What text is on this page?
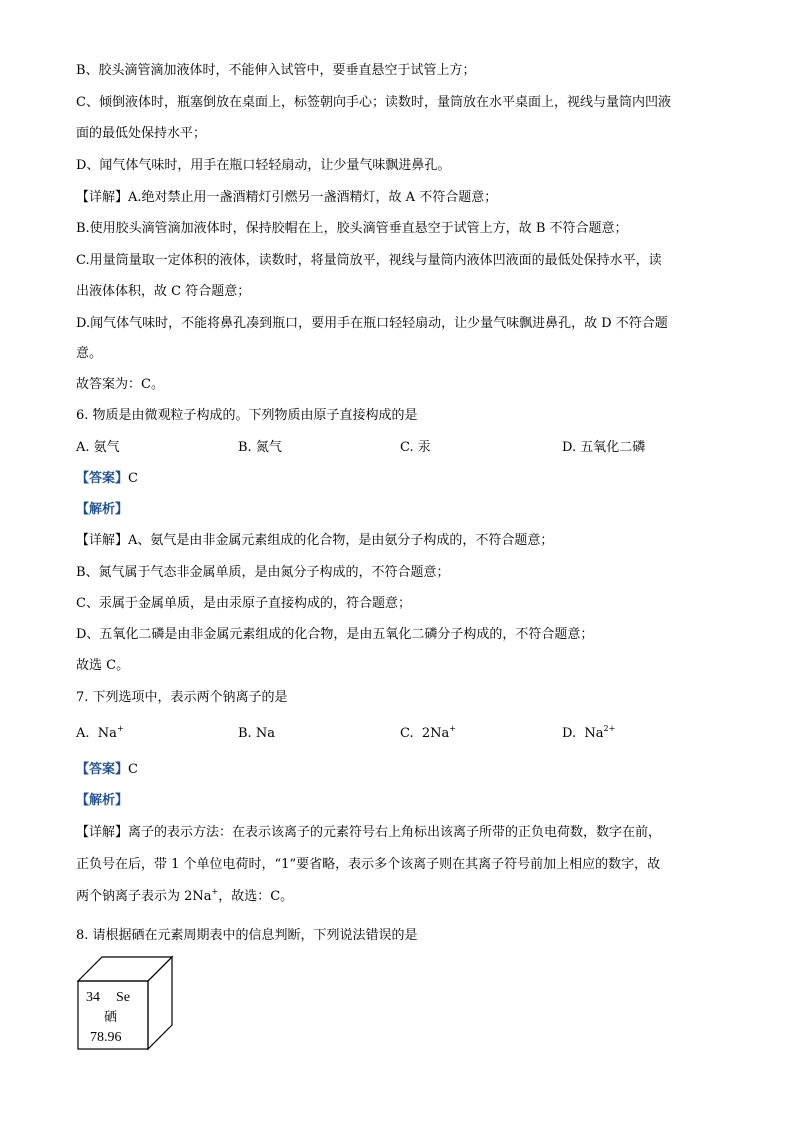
B、胶头滴管滴加液体时，不能伸入试管中，要垂直悬空于试管上方；
C、倾倒液体时，瓶塞倒放在桌面上，标签朝向手心；读数时，量筒放在水平桌面上，视线与量筒内凹液
面的最低处保持水平；
D、闻气体气味时，用手在瓶口轻轻扇动，让少量气味飘进鼻孔。
【详解】A.绝对禁止用一盏酒精灯引燃另一盏酒精灯，故 A 不符合题意；
B.使用胶头滴管滴加液体时，保持胶帽在上，胶头滴管垂直悬空于试管上方，故 B 不符合题意；
C.用量筒量取一定体积的液体，读数时，将量筒放平，视线与量筒内液体凹液面的最低处保持水平，读
出液体体积，故 C 符合题意；
D.闻气体气味时，不能将鼻孔凑到瓶口，要用手在瓶口轻轻扇动，让少量气味飘进鼻孔，故 D 不符合题
意。
故答案为：C。
6. 物质是由微观粒子构成的。下列物质由原子直接构成的是
A. 氨气	B. 氮气	C. 汞	D. 五氧化二磷
【答案】C
【解析】
【详解】A、氨气是由非金属元素组成的化合物，是由氨分子构成的，不符合题意；
B、氮气属于气态非金属单质，是由氮分子构成的，不符合题意；
C、汞属于金属单质，是由汞原子直接构成的，符合题意；
D、五氧化二磷是由非金属元素组成的化合物，是由五氧化二磷分子构成的，不符合题意；
故选 C。
7. 下列选项中，表示两个钠离子的是
A. Na+	B. Na	C. 2Na+	D. $Na^{2+}$
【答案】C
【解析】
【详解】离子的表示方法：在表示该离子的元素符号右上角标出该离子所带的正负电荷数，数字在前，
正负号在后，带 1 个单位电荷时，“1”要省略，表示多个该离子则在其离子符号前加上相应的数字，故
两个钠离子表示为 2Na+，故选：C。
8. 请根据硒在元素周期表中的信息判断，下列说法错误的是
34 Se
硒
78.96
